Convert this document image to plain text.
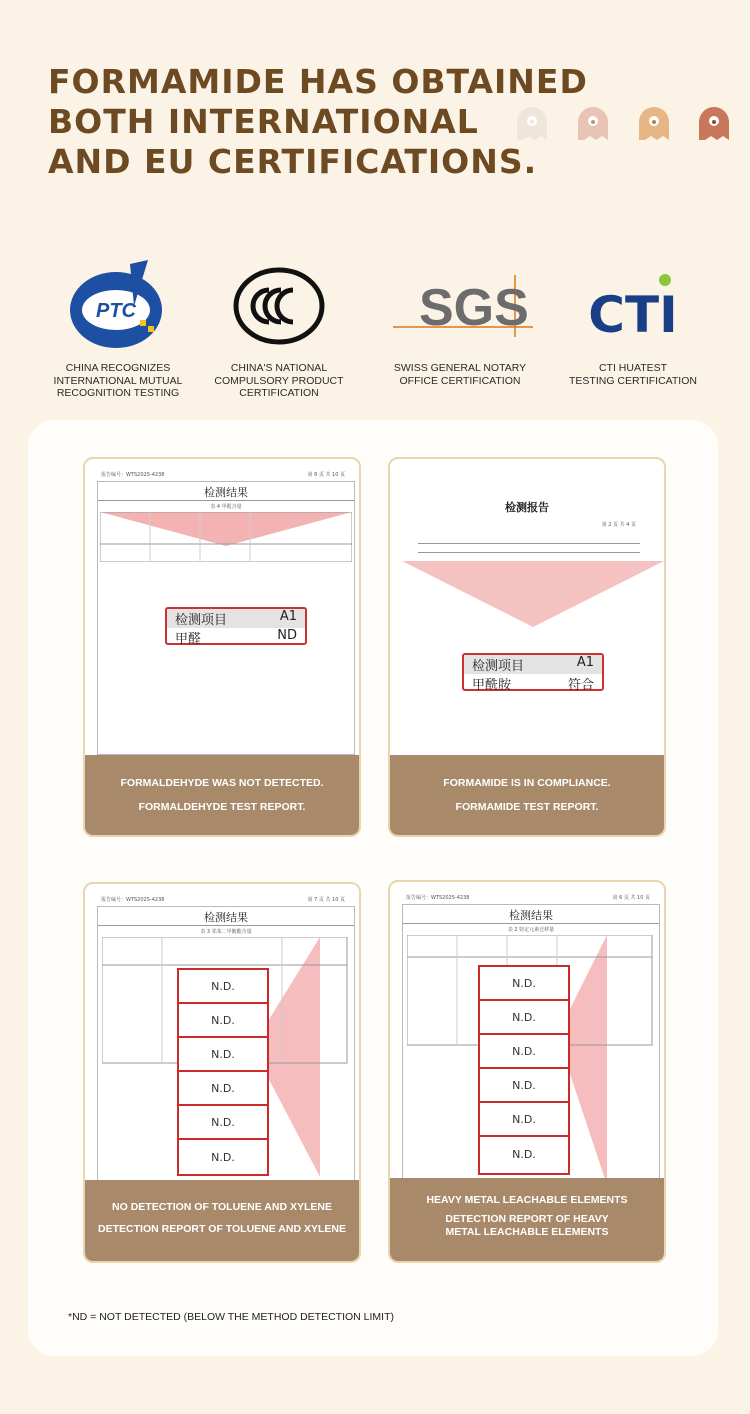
FORMAMIDE HAS OBTAINED
BOTH INTERNATIONAL
AND EU CERTIFICATIONS.
PTC
CHINA RECOGNIZES
INTERNATIONAL MUTUAL
RECOGNITION TESTING
CHINA'S NATIONAL
COMPULSORY PRODUCT
CERTIFICATION
SGS
SWISS GENERAL NOTARY
OFFICE CERTIFICATION
CTI
CTI HUATEST
TESTING CERTIFICATION
报告编号：WTS2025-4238	第 8 页 共 10 页
检测结果
表 4 甲醛含量
检测项目	A1
甲醛	ND
FORMALDEHYDE WAS NOT DETECTED.
FORMALDEHYDE TEST REPORT.
检测报告
第 2 页 共 4 页
检测项目	A1
甲酰胺	符合
FORMAMIDE IS IN COMPLIANCE.
FORMAMIDE TEST REPORT.
报告编号：WTS2025-4238	第 7 页 共 10 页
检测结果
表 3 邻苯二甲酸酯含量
N.D.
N.D.
N.D.
N.D.
N.D.
N.D.
NO DETECTION OF TOLUENE AND XYLENE
DETECTION REPORT OF TOLUENE AND XYLENE
报告编号：WTS2025-4238	第 6 页 共 10 页
检测结果
表 2 特定元素迁移量
N.D.
N.D.
N.D.
N.D.
N.D.
N.D.
HEAVY METAL LEACHABLE ELEMENTS
DETECTION REPORT OF HEAVY METAL LEACHABLE ELEMENTS
*ND = NOT DETECTED (BELOW THE METHOD DETECTION LIMIT)
